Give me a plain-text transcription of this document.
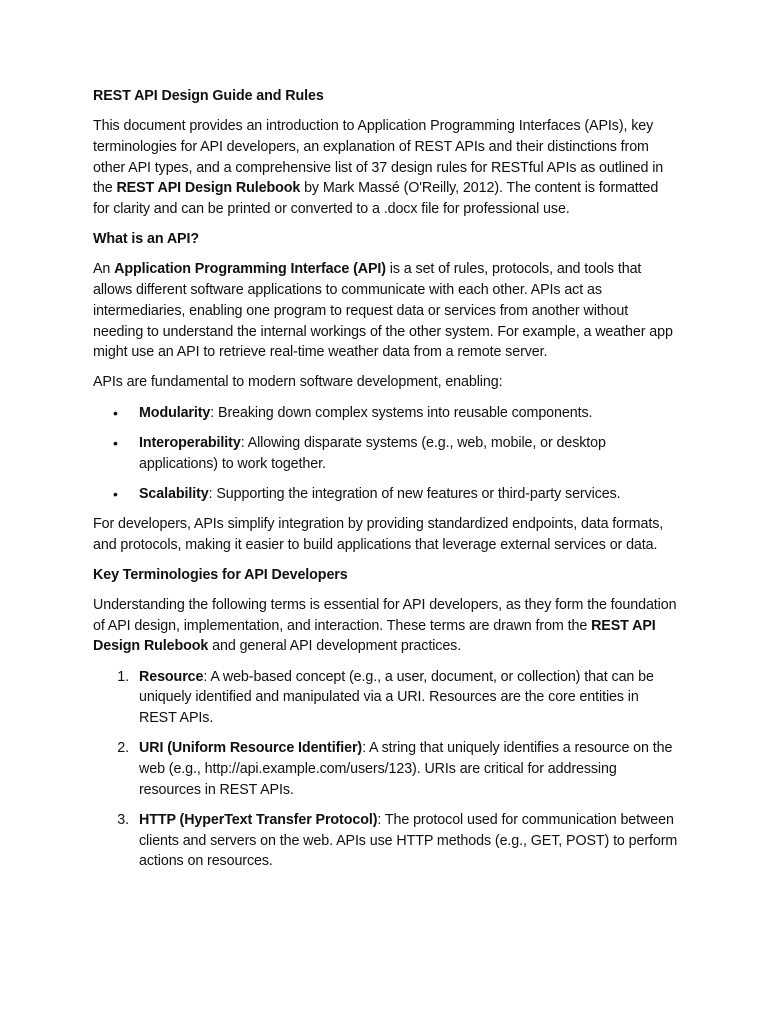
REST API Design Guide and Rules

This document provides an introduction to Application Programming Interfaces (APIs), key terminologies for API developers, an explanation of REST APIs and their distinctions from other API types, and a comprehensive list of 37 design rules for RESTful APIs as outlined in the REST API Design Rulebook by Mark Massé (O'Reilly, 2012). The content is formatted for clarity and can be printed or converted to a .docx file for professional use.

What is an API?

An Application Programming Interface (API) is a set of rules, protocols, and tools that allows different software applications to communicate with each other. APIs act as intermediaries, enabling one program to request data or services from another without needing to understand the internal workings of the other system. For example, a weather app might use an API to retrieve real-time weather data from a remote server.

APIs are fundamental to modern software development, enabling:

• Modularity: Breaking down complex systems into reusable components.
• Interoperability: Allowing disparate systems (e.g., web, mobile, or desktop applications) to work together.
• Scalability: Supporting the integration of new features or third-party services.

For developers, APIs simplify integration by providing standardized endpoints, data formats, and protocols, making it easier to build applications that leverage external services or data.

Key Terminologies for API Developers

Understanding the following terms is essential for API developers, as they form the foundation of API design, implementation, and interaction. These terms are drawn from the REST API Design Rulebook and general API development practices.

1. Resource: A web-based concept (e.g., a user, document, or collection) that can be uniquely identified and manipulated via a URI. Resources are the core entities in REST APIs.
2. URI (Uniform Resource Identifier): A string that uniquely identifies a resource on the web (e.g., http://api.example.com/users/123). URIs are critical for addressing resources in REST APIs.
3. HTTP (HyperText Transfer Protocol): The protocol used for communication between clients and servers on the web. APIs use HTTP methods (e.g., GET, POST) to perform actions on resources.
